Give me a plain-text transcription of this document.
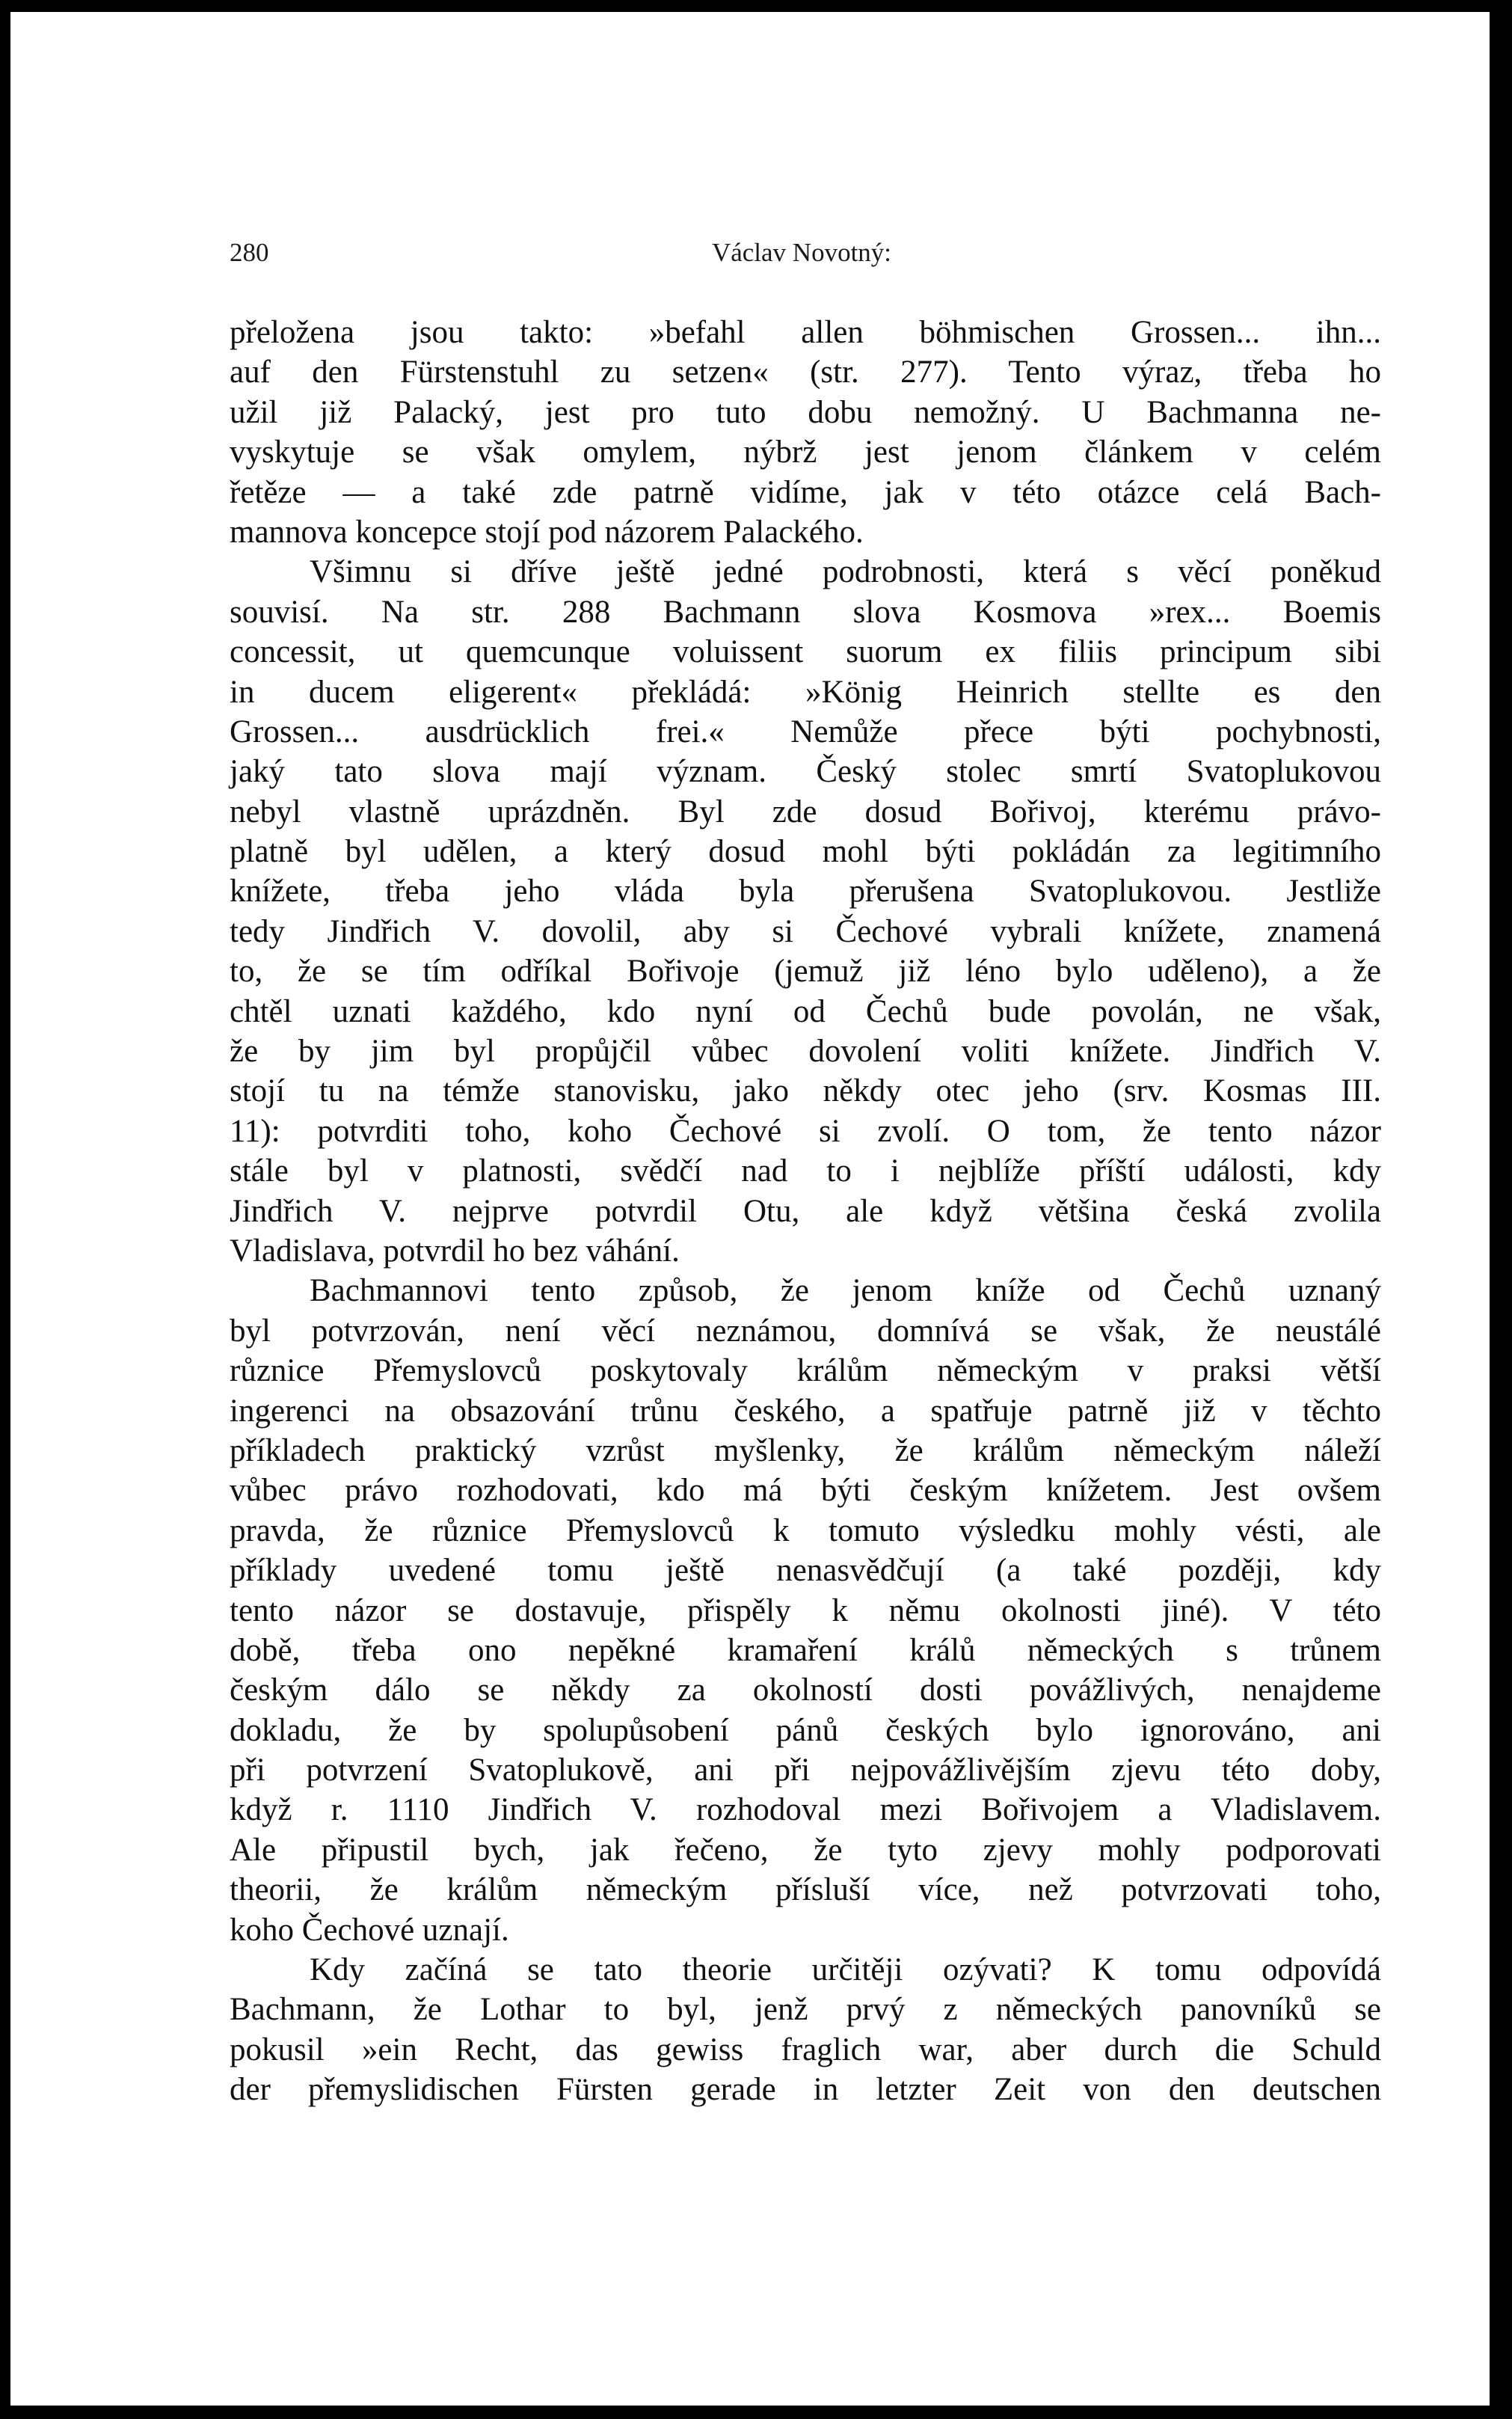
280	Václav Novotný:
přeložena jsou takto: »befahl allen böhmischen Grossen... ihn...
auf den Fürstenstuhl zu setzen« (str. 277). Tento výraz, třeba ho
užil již Palacký, jest pro tuto dobu nemožný. U Bachmanna ne-
vyskytuje se však omylem, nýbrž jest jenom článkem v celém
řetěze — a také zde patrně vidíme, jak v této otázce celá Bach-
mannova koncepce stojí pod názorem Palackého.
Všimnu si dříve ještě jedné podrobnosti, která s věcí poněkud
souvisí. Na str. 288 Bachmann slova Kosmova »rex... Boemis
concessit, ut quemcunque voluissent suorum ex filiis principum sibi
in ducem eligerent« překládá: »König Heinrich stellte es den
Grossen... ausdrücklich frei.« Nemůže přece býti pochybnosti,
jaký tato slova mají význam. Český stolec smrtí Svatoplukovou
nebyl vlastně uprázdněn. Byl zde dosud Bořivoj, kterému právo-
platně byl udělen, a který dosud mohl býti pokládán za legitimního
knížete, třeba jeho vláda byla přerušena Svatoplukovou. Jestliže
tedy Jindřich V. dovolil, aby si Čechové vybrali knížete, znamená
to, že se tím odříkal Bořivoje (jemuž již léno bylo uděleno), a že
chtěl uznati každého, kdo nyní od Čechů bude povolán, ne však,
že by jim byl propůjčil vůbec dovolení voliti knížete. Jindřich V.
stojí tu na témže stanovisku, jako někdy otec jeho (srv. Kosmas III.
11): potvrditi toho, koho Čechové si zvolí. O tom, že tento názor
stále byl v platnosti, svědčí nad to i nejblíže příští události, kdy
Jindřich V. nejprve potvrdil Otu, ale když většina česká zvolila
Vladislava, potvrdil ho bez váhání.
Bachmannovi tento způsob, že jenom kníže od Čechů uznaný
byl potvrzován, není věcí neznámou, domnívá se však, že neustálé
různice Přemyslovců poskytovaly králům německým v praksi větší
ingerenci na obsazování trůnu českého, a spatřuje patrně již v těchto
příkladech praktický vzrůst myšlenky, že králům německým náleží
vůbec právo rozhodovati, kdo má býti českým knížetem. Jest ovšem
pravda, že různice Přemyslovců k tomuto výsledku mohly vésti, ale
příklady uvedené tomu ještě nenasvědčují (a také později, kdy
tento názor se dostavuje, přispěly k němu okolnosti jiné). V této
době, třeba ono nepěkné kramaření králů německých s trůnem
českým dálo se někdy za okolností dosti povážlivých, nenajdeme
dokladu, že by spolupůsobení pánů českých bylo ignorováno, ani
při potvrzení Svatoplukově, ani při nejpovážlivějším zjevu této doby,
když r. 1110 Jindřich V. rozhodoval mezi Bořivojem a Vladislavem.
Ale připustil bych, jak řečeno, že tyto zjevy mohly podporovati
theorii, že králům německým přísluší více, než potvrzovati toho,
koho Čechové uznají.
Kdy začíná se tato theorie určitěji ozývati? K tomu odpovídá
Bachmann, že Lothar to byl, jenž prvý z německých panovníků se
pokusil »ein Recht, das gewiss fraglich war, aber durch die Schuld
der přemyslidischen Fürsten gerade in letzter Zeit von den deutschen
